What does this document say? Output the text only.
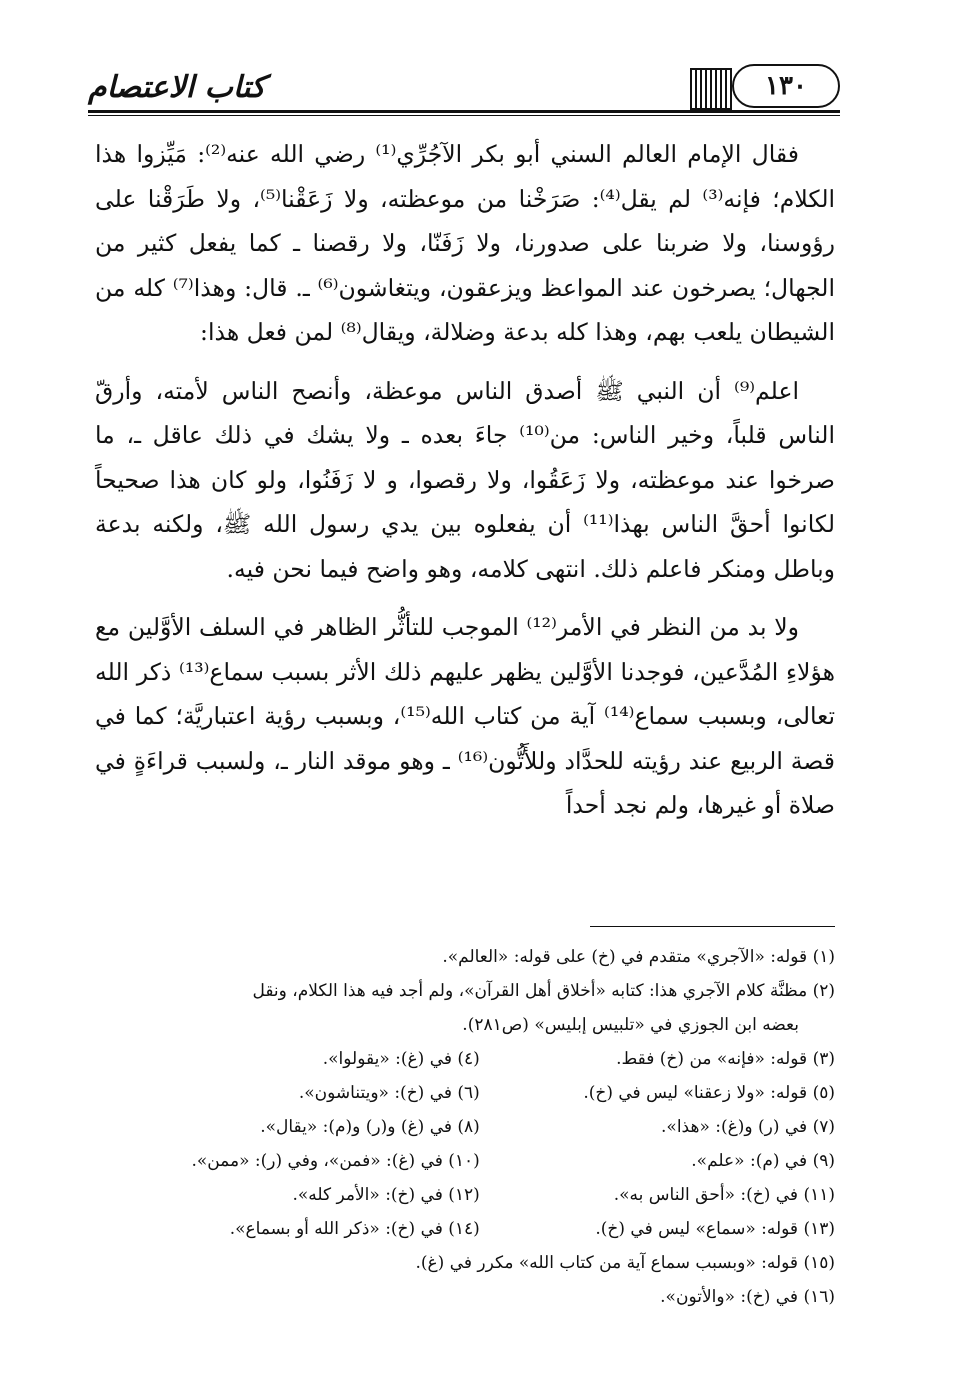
كتاب الاعتصام	١٣٠

فقال الإمام العالم السني أبو بكر الآجُرِّي⁽¹⁾ رضي الله عنه⁽²⁾: مَيِّزوا هذا الكلام؛ فإنه⁽³⁾ لم يقل⁽⁴⁾: صَرَخْنا من موعظته، ولا زَعَقْنا⁽⁵⁾، ولا طَرَقْنا على رؤوسنا، ولا ضربنا على صدورنا، ولا زَفَنّا، ولا رقصنا ـ كما يفعل كثير من الجهال؛ يصرخون عند المواعظ ويزعقون، ويتغاشون⁽⁶⁾ ـ. قال: وهذا⁽⁷⁾ كله من الشيطان يلعب بهم، وهذا كله بدعة وضلالة، ويقال⁽⁸⁾ لمن فعل هذا:

اعلم⁽⁹⁾ أن النبي ﷺ أصدق الناس موعظة، وأنصح الناس لأمته، وأرقّ الناس قلباً، وخير الناس: من⁽¹⁰⁾ جاءَ بعده ـ ولا يشك في ذلك عاقل ـ، ما صرخوا عند موعظته، ولا زَعَقُوا، ولا رقصوا، و لا زَفَنُوا، ولو كان هذا صحيحاً لكانوا أحقَّ الناس بهذا⁽¹¹⁾ أن يفعلوه بين يدي رسول الله ﷺ، ولكنه بدعة وباطل ومنكر فاعلم ذلك. انتهى كلامه، وهو واضح فيما نحن فيه.

ولا بد من النظر في الأمر⁽¹²⁾ الموجب للتأثُّر الظاهر في السلف الأوَّلين مع هؤلاءِ المُدَّعين، فوجدنا الأوَّلين يظهر عليهم ذلك الأثر بسبب سماع⁽¹³⁾ ذكر الله تعالى، وبسبب سماع⁽¹⁴⁾ آية من كتاب الله⁽¹⁵⁾، وبسبب رؤية اعتباريَّة؛ كما في قصة الربيع عند رؤيته للحدَّاد وللأَتُّون⁽¹⁶⁾ ـ وهو موقد النار ـ، ولسبب قراءَةٍ في صلاة أو غيرها، ولم نجد أحداً

(١) قوله: «الآجري» متقدم في (خ) على قوله: «العالم».
(٢) مظنَّة كلام الآجري هذا: كتابه «أخلاق أهل القرآن»، ولم أجد فيه هذا الكلام، ونقل
بعضه ابن الجوزي في «تلبيس إبليس» (ص٢٨١).
(٣) قوله: «فإنه» من (خ) فقط.
(٤) في (غ): «يقولوا».
(٥) قوله: «ولا زعقنا» ليس في (خ).
(٦) في (خ): «ويتناشون».
(٧) في (ر) و(غ): «هذا».
(٨) في (غ) و(ر) و(م): «يقال».
(٩) في (م): «علم».
(١٠) في (غ): «فمن»، وفي (ر): «ممن».
(١١) في (خ): «أحق الناس به».
(١٢) في (خ): «الأمر كله».
(١٣) قوله: «سماع» ليس في (خ).
(١٤) في (خ): «ذكر الله أو بسماع».
(١٥) قوله: «وبسبب سماع آية من كتاب الله» مكرر في (غ).
(١٦) في (خ): «والأتون».
